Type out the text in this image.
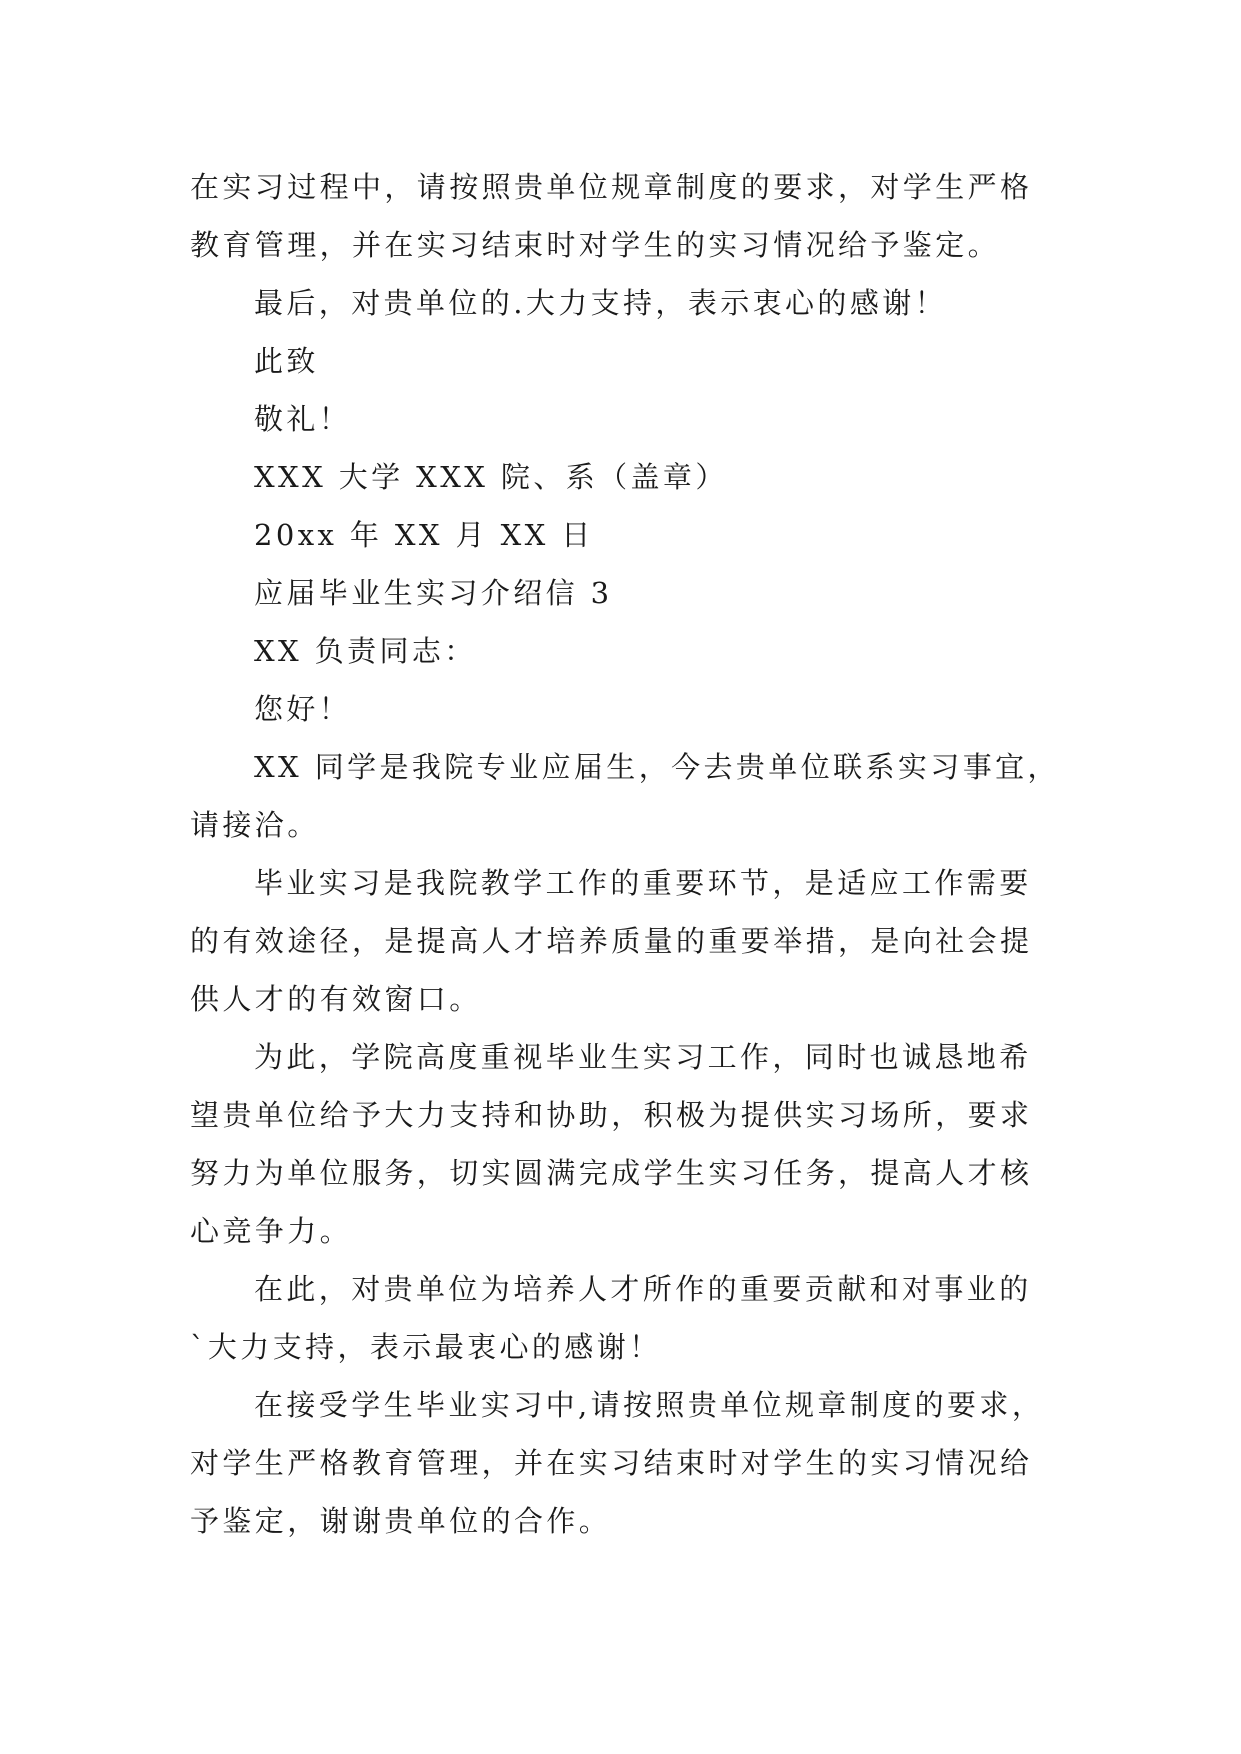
在实习过程中，请按照贵单位规章制度的要求，对学生严格
教育管理，并在实习结束时对学生的实习情况给予鉴定。
最后，对贵单位的.大力支持，表示衷心的感谢！
此致
敬礼！
XXX 大学 XXX 院、系（盖章）
20xx 年 XX 月 XX 日
应届毕业生实习介绍信 3
XX 负责同志：
您好！
XX 同学是我院专业应届生，今去贵单位联系实习事宜，
请接洽。
毕业实习是我院教学工作的重要环节，是适应工作需要
的有效途径，是提高人才培养质量的重要举措，是向社会提
供人才的有效窗口。
为此，学院高度重视毕业生实习工作，同时也诚恳地希
望贵单位给予大力支持和协助，积极为提供实习场所，要求
努力为单位服务，切实圆满完成学生实习任务，提高人才核
心竞争力。
在此，对贵单位为培养人才所作的重要贡献和对事业的
`大力支持，表示最衷心的感谢！
在接受学生毕业实习中,请按照贵单位规章制度的要求，
对学生严格教育管理，并在实习结束时对学生的实习情况给
予鉴定，谢谢贵单位的合作。
